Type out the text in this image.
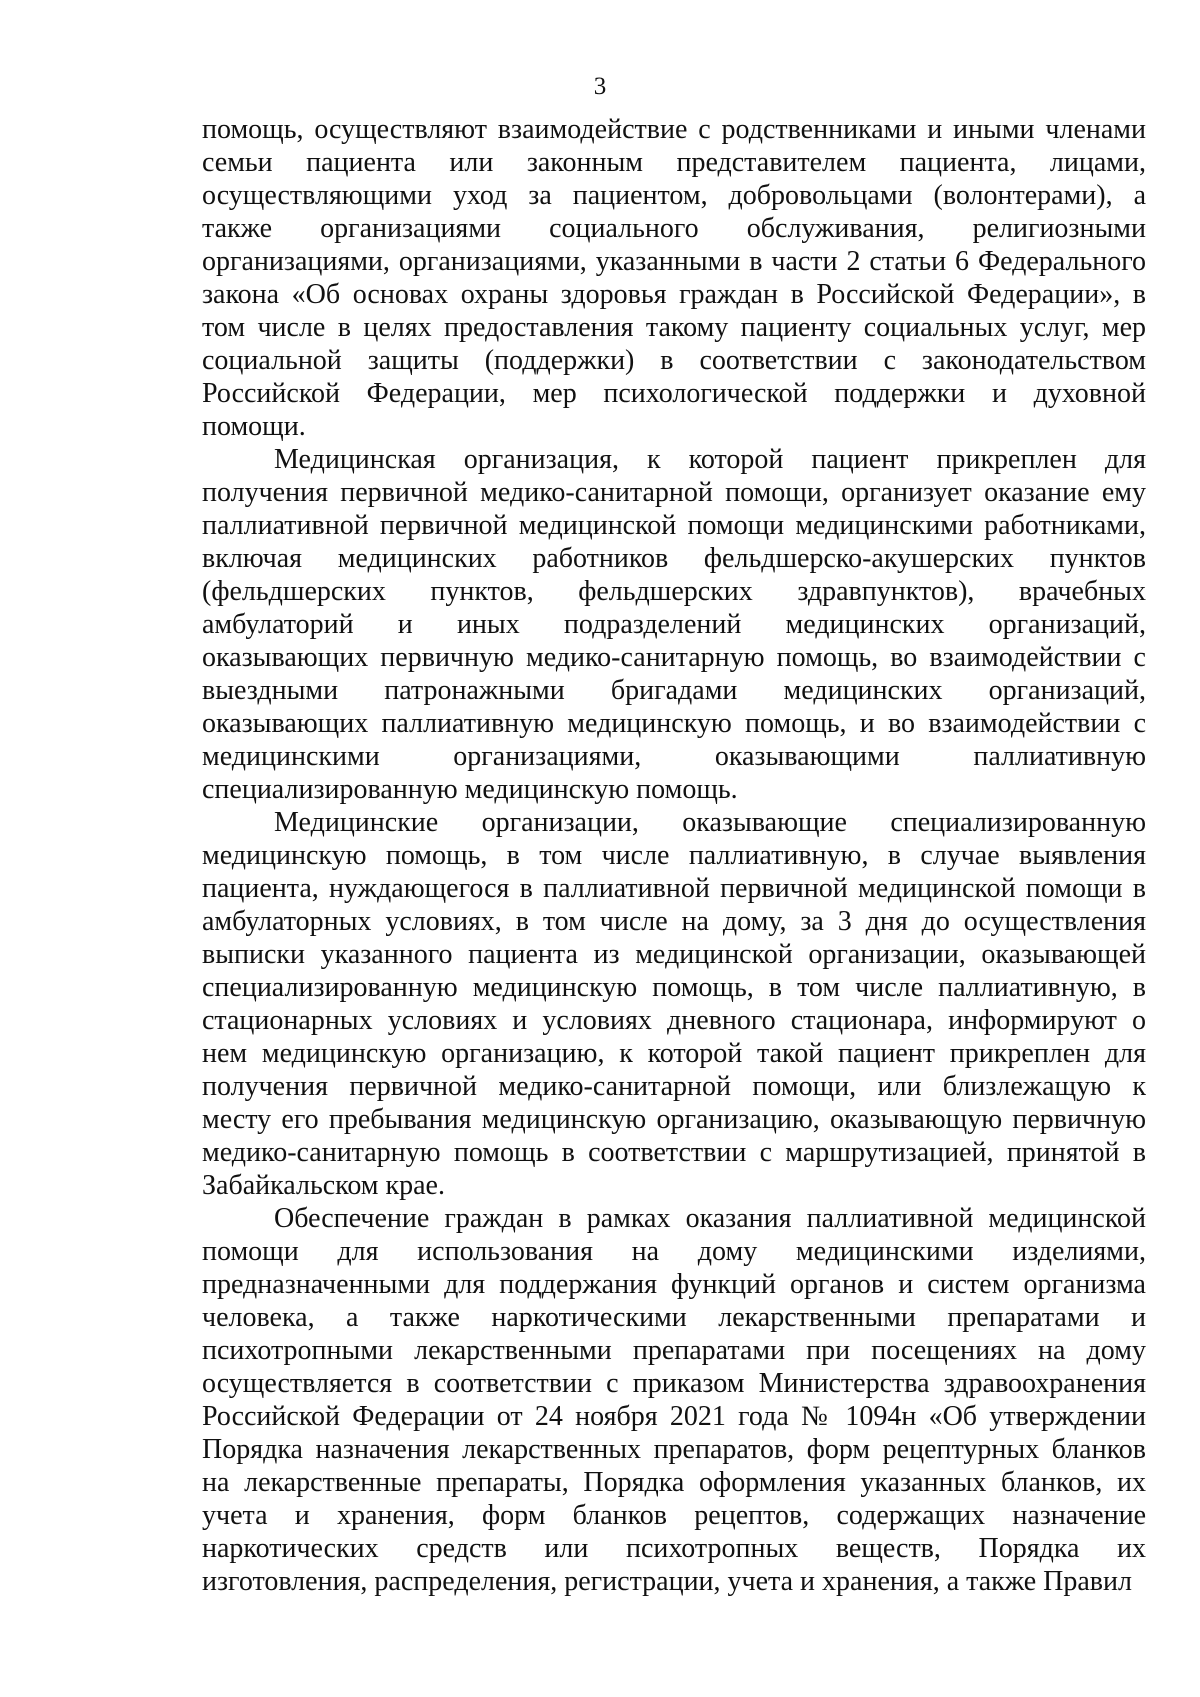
3
помощь, осуществляют взаимодействие с родственниками и иными членами
семьи пациента или законным представителем пациента, лицами,
осуществляющими уход за пациентом, добровольцами (волонтерами), а
также организациями социального обслуживания, религиозными
организациями, организациями, указанными в части 2 статьи 6 Федерального
закона «Об основах охраны здоровья граждан в Российской Федерации», в
том числе в целях предоставления такому пациенту социальных услуг, мер
социальной защиты (поддержки) в соответствии с законодательством
Российской Федерации, мер психологической поддержки и духовной
помощи.
Медицинская организация, к которой пациент прикреплен для
получения первичной медико-санитарной помощи, организует оказание ему
паллиативной первичной медицинской помощи медицинскими работниками,
включая медицинских работников фельдшерско-акушерских пунктов
(фельдшерских пунктов, фельдшерских здравпунктов), врачебных
амбулаторий и иных подразделений медицинских организаций,
оказывающих первичную медико-санитарную помощь, во взаимодействии с
выездными патронажными бригадами медицинских организаций,
оказывающих паллиативную медицинскую помощь, и во взаимодействии с
медицинскими организациями, оказывающими паллиативную
специализированную медицинскую помощь.
Медицинские организации, оказывающие специализированную
медицинскую помощь, в том числе паллиативную, в случае выявления
пациента, нуждающегося в паллиативной первичной медицинской помощи в
амбулаторных условиях, в том числе на дому, за 3 дня до осуществления
выписки указанного пациента из медицинской организации, оказывающей
специализированную медицинскую помощь, в том числе паллиативную, в
стационарных условиях и условиях дневного стационара, информируют о
нем медицинскую организацию, к которой такой пациент прикреплен для
получения первичной медико-санитарной помощи, или близлежащую к
месту его пребывания медицинскую организацию, оказывающую первичную
медико-санитарную помощь в соответствии с маршрутизацией, принятой в
Забайкальском крае.
Обеспечение граждан в рамках оказания паллиативной медицинской
помощи для использования на дому медицинскими изделиями,
предназначенными для поддержания функций органов и систем организма
человека, а также наркотическими лекарственными препаратами и
психотропными лекарственными препаратами при посещениях на дому
осуществляется в соответствии с приказом Министерства здравоохранения
Российской Федерации от 24 ноября 2021 года № 1094н «Об утверждении
Порядка назначения лекарственных препаратов, форм рецептурных бланков
на лекарственные препараты, Порядка оформления указанных бланков, их
учета и хранения, форм бланков рецептов, содержащих назначение
наркотических средств или психотропных веществ, Порядка их
изготовления, распределения, регистрации, учета и хранения, а также Правил
